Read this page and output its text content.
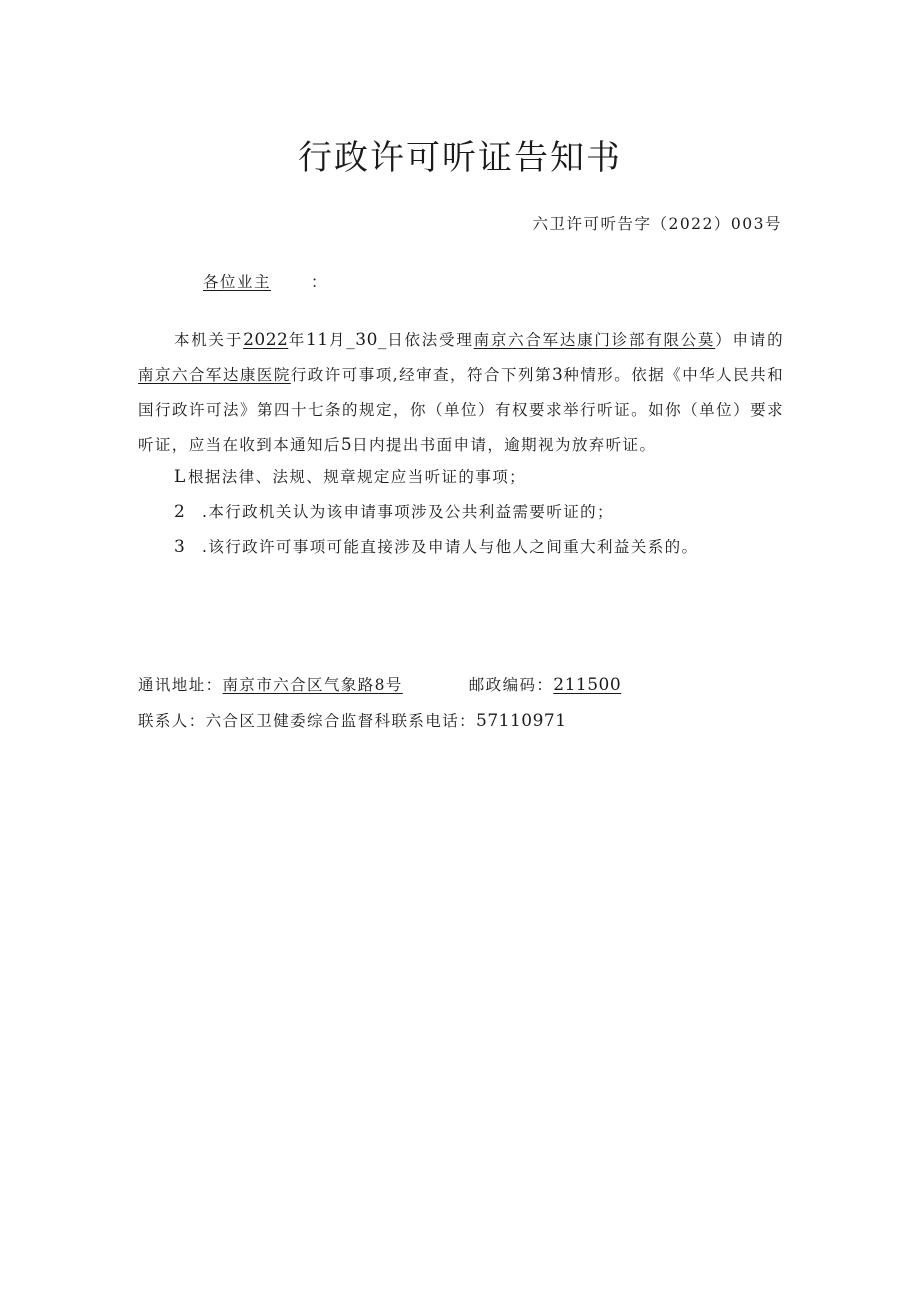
行政许可听证告知书
六卫许可听告字（2022）003号
各位业主	：

本机关于2022年11月_30_日依法受理南京六合军达康门诊部有限公莫）申请的南京六合军达康医院行政许可事项,经审查，符合下列第3种情形。依据《中华人民共和国行政许可法》第四十七条的规定，你（单位）有权要求举行听证。如你（单位）要求听证，应当在收到本通知后5日内提出书面申请，逾期视为放弃听证。

L根据法律、法规、规章规定应当听证的事项；
2 .本行政机关认为该申请事项涉及公共利益需要听证的；
3 .该行政许可事项可能直接涉及申请人与他人之间重大利益关系的。
通讯地址：南京市六合区气象路8号	邮政编码：211500
联系人：六合区卫健委综合监督科联系电话：57110971
